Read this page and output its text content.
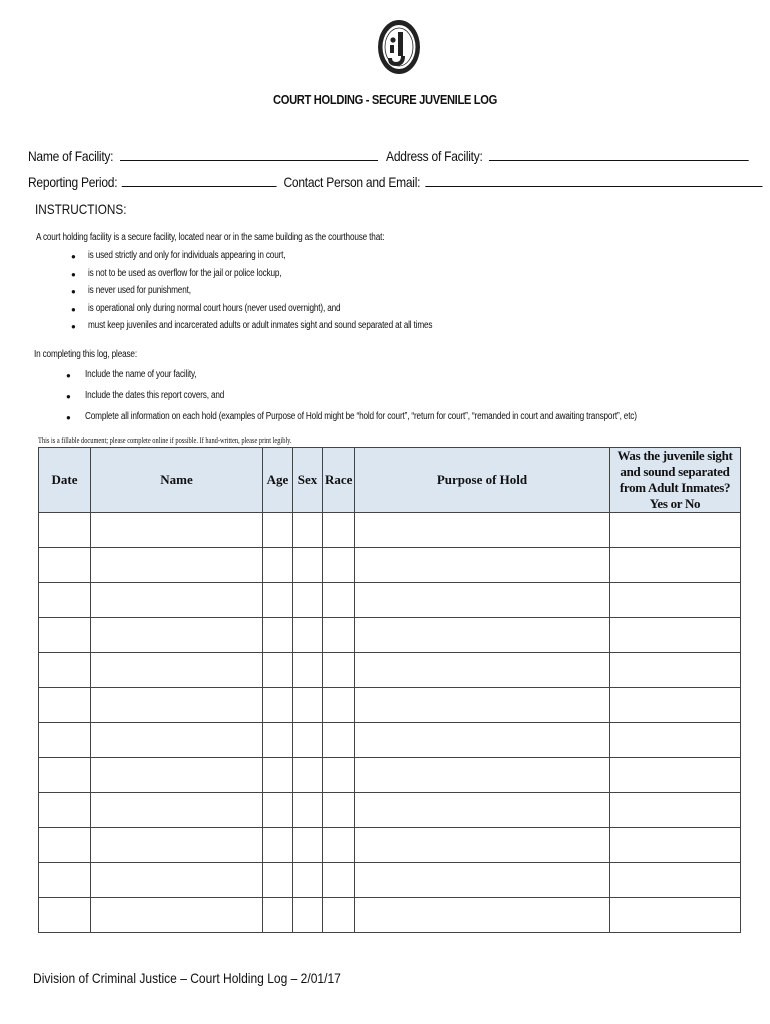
COURT HOLDING - SECURE JUVENILE LOG
Name of Facility:	Address of Facility:
Reporting Period:	Contact Person and Email:
INSTRUCTIONS:
A court holding facility is a secure facility, located near or in the same building as the courthouse that:
● is used strictly and only for individuals appearing in court,
● is not to be used as overflow for the jail or police lockup,
● is never used for punishment,
● is operational only during normal court hours (never used overnight), and
● must keep juveniles and incarcerated adults or adult inmates sight and sound separated at all times
In completing this log, please:
● Include the name of your facility,
● Include the dates this report covers, and
● Complete all information on each hold (examples of Purpose of Hold might be “hold for court”, “return for court”, “remanded in court and awaiting transport”, etc)
This is a fillable document; please complete online if possible. If hand-written, please print legibly.
Date	Name	Age	Sex	Race	Purpose of Hold	Was the juvenile sight and sound separated from Adult Inmates? Yes or No

Division of Criminal Justice – Court Holding Log – 2/01/17
